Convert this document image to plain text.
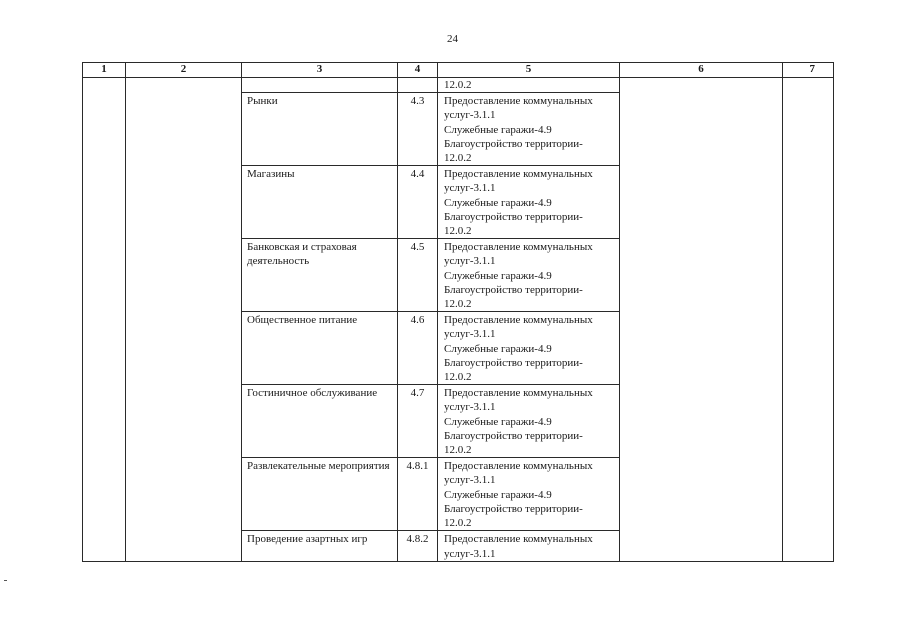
24
1	2	3	4	5	6	7

				12.0.2		

		Рынки	4.3	Предоставление коммунальных
услуг-3.1.1
Служебные гаражи-4.9
Благоустройство территории-
12.0.2		

		Магазины	4.4	Предоставление коммунальных
услуг-3.1.1
Служебные гаражи-4.9
Благоустройство территории-
12.0.2		

		Банковская и страховая деятельность	4.5	Предоставление коммунальных
услуг-3.1.1
Служебные гаражи-4.9
Благоустройство территории-
12.0.2		

		Общественное питание	4.6	Предоставление коммунальных
услуг-3.1.1
Служебные гаражи-4.9
Благоустройство территории-
12.0.2		

		Гостиничное обслуживание	4.7	Предоставление коммунальных
услуг-3.1.1
Служебные гаражи-4.9
Благоустройство территории-
12.0.2		

		Развлекательные мероприятия	4.8.1	Предоставление коммунальных
услуг-3.1.1
Служебные гаражи-4.9
Благоустройство территории-
12.0.2		

		Проведение азартных игр	4.8.2	Предоставление коммунальных
услуг-3.1.1		
